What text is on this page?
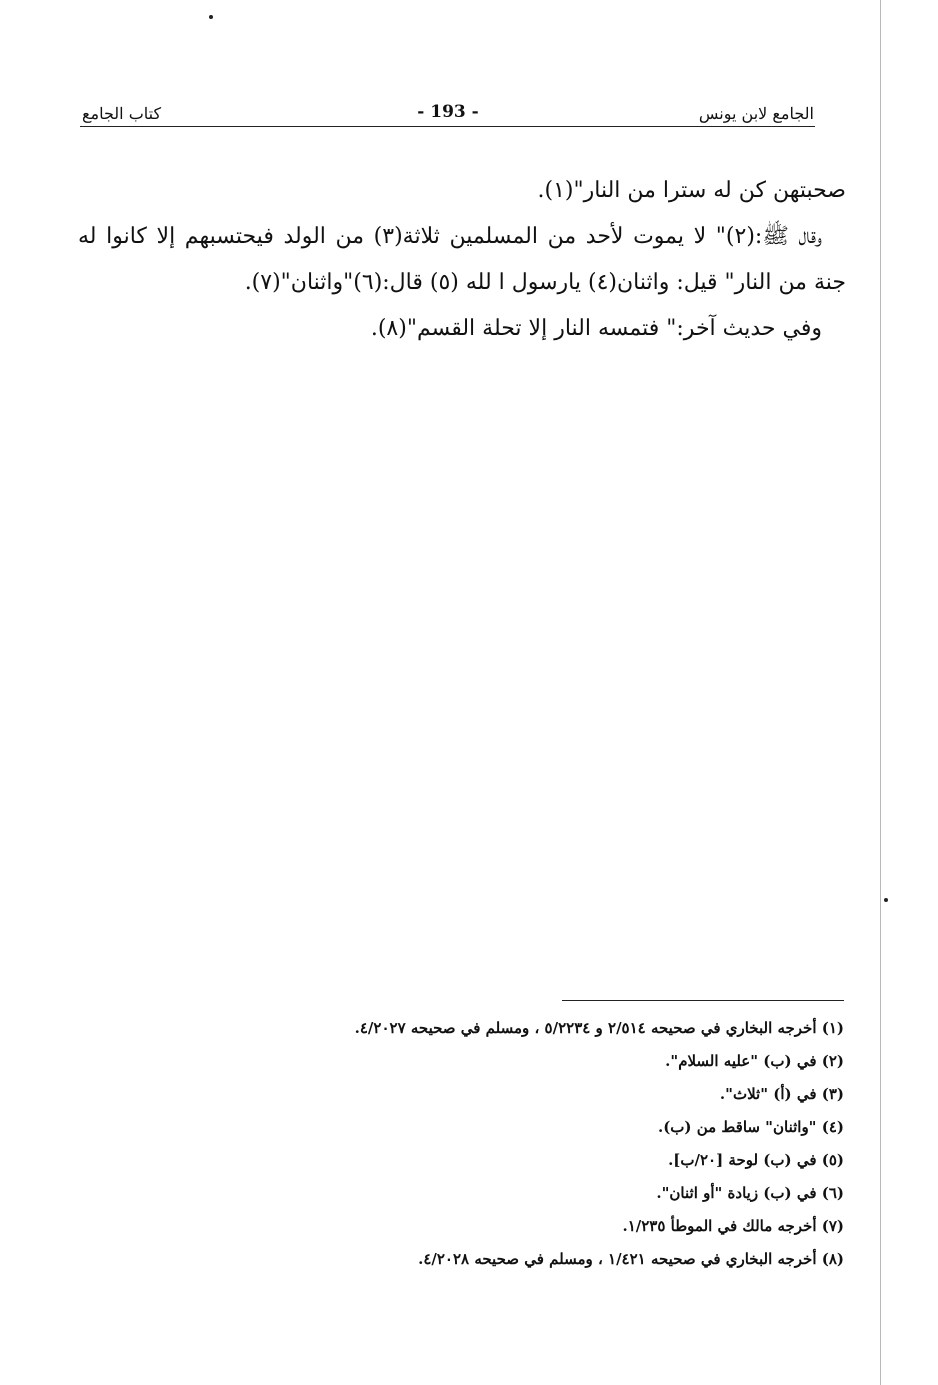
كتاب الجامع	- 193 -	الجامع لابن يونس

صحبتهن كن له سترا من النار"(١).

وقال ﷺ:(٢)" لا يموت لأحد من المسلمين ثلاثة(٣) من الولد فيحتسبهم إلا كانوا له جنة من النار" قيل: واثنان(٤) يارسول ا لله (٥) قال:(٦)"واثنان"(٧).

وفي حديث آخر:" فتمسه النار إلا تحلة القسم"(٨).

(١) أخرجه البخاري في صحيحه ٢/٥١٤ و ٥/٢٢٣٤ ، ومسلم في صحيحه ٤/٢٠٢٧.
(٢) في (ب) "عليه السلام".
(٣) في (أ) "ثلاث".
(٤) "واثنان" ساقط من (ب).
(٥) في (ب) لوحة [٢٠/ب].
(٦) في (ب) زيادة "أو اثنان".
(٧) أخرجه مالك في الموطأ ١/٢٣٥.
(٨) أخرجه البخاري في صحيحه ١/٤٢١ ، ومسلم في صحيحه ٤/٢٠٢٨.
